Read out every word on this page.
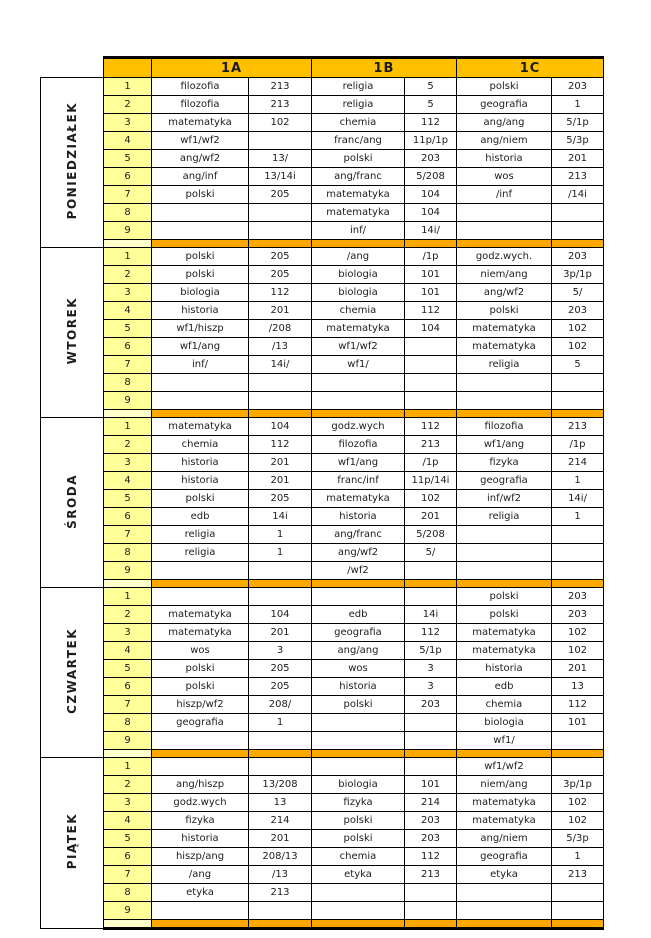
		1A		1B		1C	
PONIEDZIAŁEK	1	filozofia	213	religia	5	polski	203
	2	filozofia	213	religia	5	geografia	1
	3	matematyka	102	chemia	112	ang/ang	5/1p
	4	wf1/wf2		franc/ang	11p/1p	ang/niem	5/3p
	5	ang/wf2	13/	polski	203	historia	201
	6	ang/inf	13/14i	ang/franc	5/208	wos	213
	7	polski	205	matematyka	104	/inf	/14i
	8			matematyka	104		
	9			inf/	14i/		

WTOREK	1	polski	205	/ang	/1p	godz.wych.	203
	2	polski	205	biologia	101	niem/ang	3p/1p
	3	biologia	112	biologia	101	ang/wf2	5/
	4	historia	201	chemia	112	polski	203
	5	wf1/hiszp	/208	matematyka	104	matematyka	102
	6	wf1/ang	/13	wf1/wf2		matematyka	102
	7	inf/	14i/	wf1/		religia	5
	8						
	9						

ŚRODA	1	matematyka	104	godz.wych	112	filozofia	213
	2	chemia	112	filozofia	213	wf1/ang	/1p
	3	historia	201	wf1/ang	/1p	fizyka	214
	4	historia	201	franc/inf	11p/14i	geografia	1
	5	polski	205	matematyka	102	inf/wf2	14i/
	6	edb	14i	historia	201	religia	1
	7	religia	1	ang/franc	5/208		
	8	religia	1	ang/wf2	5/		
	9			/wf2			

CZWARTEK	1					polski	203
	2	matematyka	104	edb	14i	polski	203
	3	matematyka	201	geografia	112	matematyka	102
	4	wos	3	ang/ang	5/1p	matematyka	102
	5	polski	205	wos	3	historia	201
	6	polski	205	historia	3	edb	13
	7	hiszp/wf2	208/	polski	203	chemia	112
	8	geografia	1			biologia	101
	9					wf1/	

PIĄTEK	1					wf1/wf2	
	2	ang/hiszp	13/208	biologia	101	niem/ang	3p/1p
	3	godz.wych	13	fizyka	214	matematyka	102
	4	fizyka	214	polski	203	matematyka	102
	5	historia	201	polski	203	ang/niem	5/3p
	6	hiszp/ang	208/13	chemia	112	geografia	1
	7	/ang	/13	etyka	213	etyka	213
	8	etyka	213				
	9						
